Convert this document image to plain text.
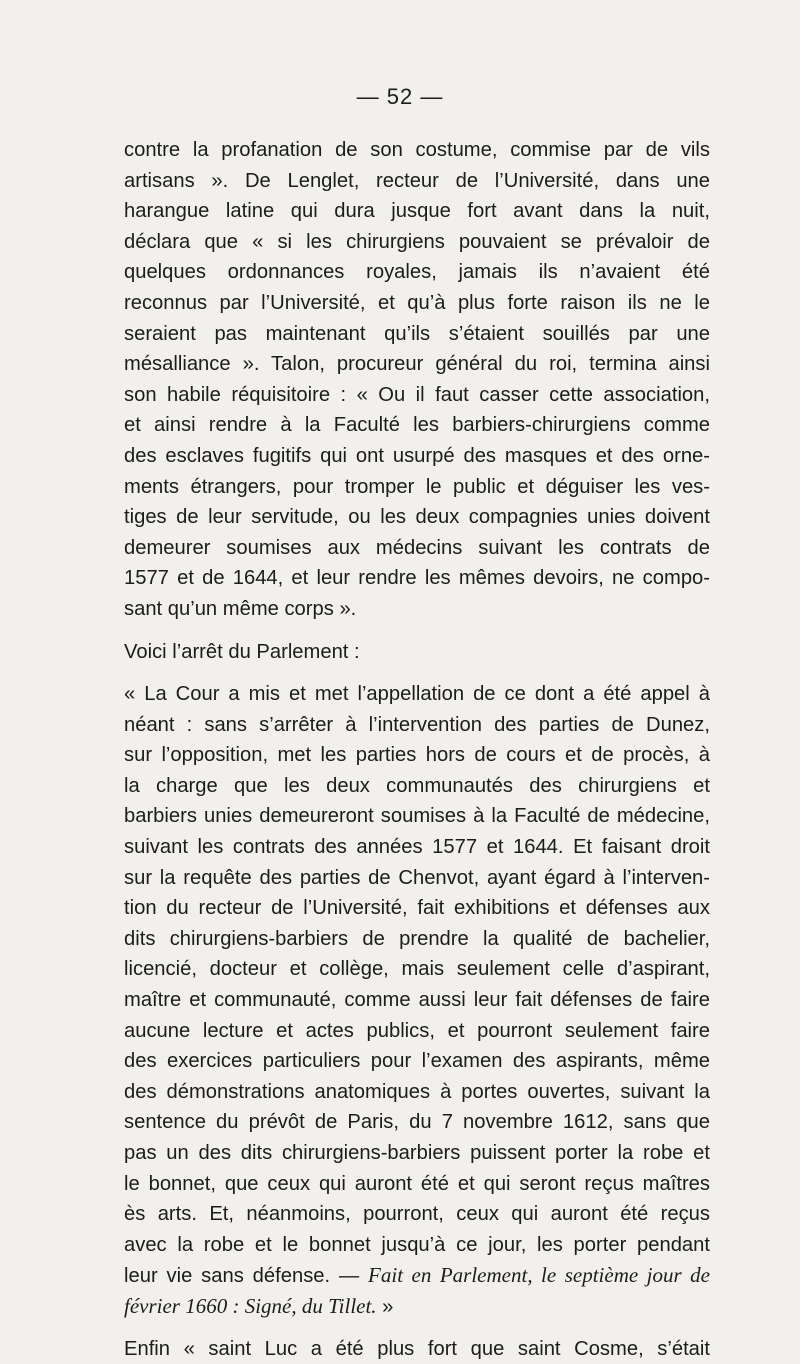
— 52 —
contre la profanation de son costume, commise par de vils
artisans ». De Lenglet, recteur de l’Université, dans une
harangue latine qui dura jusque fort avant dans la nuit,
déclara que « si les chirurgiens pouvaient se prévaloir de
quelques ordonnances royales, jamais ils n’avaient été
reconnus par l’Université, et qu’à plus forte raison ils ne le
seraient pas maintenant qu’ils s’étaient souillés par une
mésalliance ». Talon, procureur général du roi, termina ainsi
son habile réquisitoire : « Ou il faut casser cette association,
et ainsi rendre à la Faculté les barbiers-chirurgiens comme
des esclaves fugitifs qui ont usurpé des masques et des orne-
ments étrangers, pour tromper le public et déguiser les ves-
tiges de leur servitude, ou les deux compagnies unies doivent
demeurer soumises aux médecins suivant les contrats de
1577 et de 1644, et leur rendre les mêmes devoirs, ne compo-
sant qu’un même corps ».
Voici l’arrêt du Parlement :
« La Cour a mis et met l’appellation de ce dont a été appel à
néant : sans s’arrêter à l’intervention des parties de Dunez,
sur l’opposition, met les parties hors de cours et de procès, à
la charge que les deux communautés des chirurgiens et
barbiers unies demeureront soumises à la Faculté de médecine,
suivant les contrats des années 1577 et 1644. Et faisant droit
sur la requête des parties de Chenvot, ayant égard à l’interven-
tion du recteur de l’Université, fait exhibitions et défenses aux
dits chirurgiens-barbiers de prendre la qualité de bachelier,
licencié, docteur et collège, mais seulement celle d’aspirant,
maître et communauté, comme aussi leur fait défenses de faire
aucune lecture et actes publics, et pourront seulement faire
des exercices particuliers pour l’examen des aspirants, même
des démonstrations anatomiques à portes ouvertes, suivant la
sentence du prévôt de Paris, du 7 novembre 1612, sans que
pas un des dits chirurgiens-barbiers puissent porter la robe et
le bonnet, que ceux qui auront été et qui seront reçus maîtres
ès arts. Et, néanmoins, pourront, ceux qui auront été reçus
avec la robe et le bonnet jusqu’à ce jour, les porter pendant
leur vie sans défense. — Fait en Parlement, le septième jour de
février 1660 : Signé, du Tillet. »
Enfin « saint Luc a été plus fort que saint Cosme, s’était
